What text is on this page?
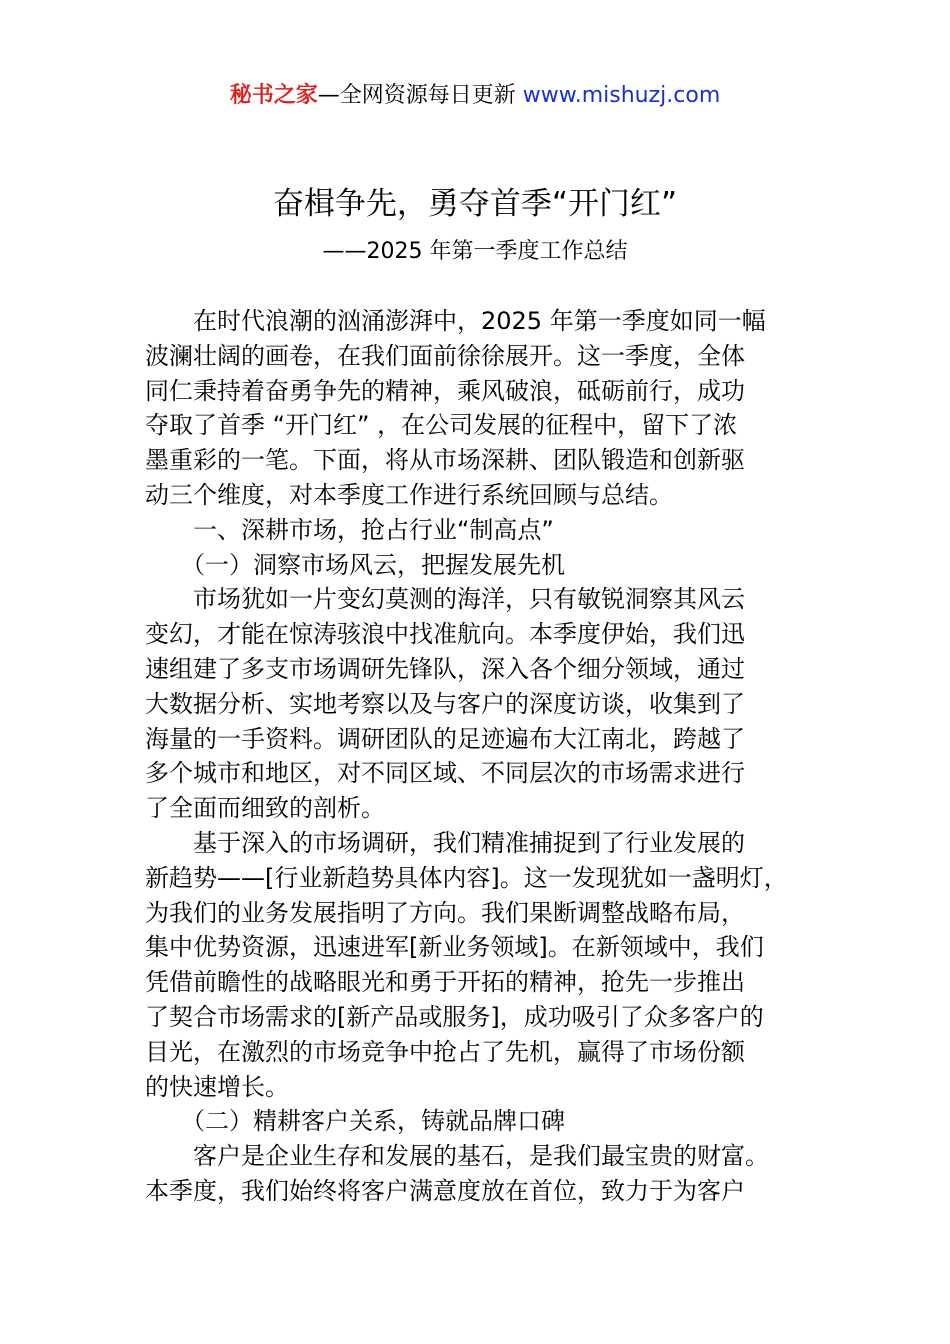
秘书之家—全网资源每日更新 www.mishuzj.com
奋楫争先，勇夺首季“开门红”
——2025 年第一季度工作总结
　　在时代浪潮的汹涌澎湃中，2025 年第一季度如同一幅
波澜壮阔的画卷，在我们面前徐徐展开。这一季度，全体
同仁秉持着奋勇争先的精神，乘风破浪，砥砺前行，成功
夺取了首季 “开门红” ，在公司发展的征程中，留下了浓
墨重彩的一笔。下面，将从市场深耕、团队锻造和创新驱
动三个维度，对本季度工作进行系统回顾与总结。
　　一、深耕市场，抢占行业“制高点”
　　（一）洞察市场风云，把握发展先机
　　市场犹如一片变幻莫测的海洋，只有敏锐洞察其风云
变幻，才能在惊涛骇浪中找准航向。本季度伊始，我们迅
速组建了多支市场调研先锋队，深入各个细分领域，通过
大数据分析、实地考察以及与客户的深度访谈，收集到了
海量的一手资料。调研团队的足迹遍布大江南北，跨越了
多个城市和地区，对不同区域、不同层次的市场需求进行
了全面而细致的剖析。
　　基于深入的市场调研，我们精准捕捉到了行业发展的
新趋势——[行业新趋势具体内容]。这一发现犹如一盏明灯，
为我们的业务发展指明了方向。我们果断调整战略布局，
集中优势资源，迅速进军[新业务领域]。在新领域中，我们
凭借前瞻性的战略眼光和勇于开拓的精神，抢先一步推出
了契合市场需求的[新产品或服务]，成功吸引了众多客户的
目光，在激烈的市场竞争中抢占了先机，赢得了市场份额
的快速增长。
　　（二）精耕客户关系，铸就品牌口碑
　　客户是企业生存和发展的基石，是我们最宝贵的财富。
本季度，我们始终将客户满意度放在首位，致力于为客户
